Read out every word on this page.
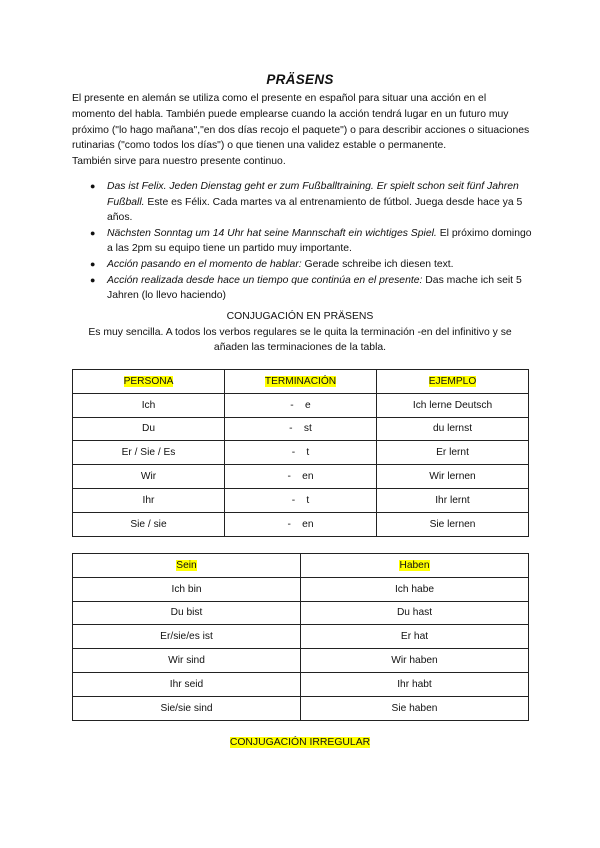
PRÄSENS

El presente en alemán se utiliza como el presente en español para situar una acción en el momento del habla. También puede emplearse cuando la acción tendrá lugar en un futuro muy próximo ("lo hago mañana","en dos días recojo el paquete") o para describir acciones o situaciones rutinarias ("como todos los días") o que tienen una validez estable o permanente.

También sirve para nuestro presente continuo.

● Das ist Felix. Jeden Dienstag geht er zum Fußballtraining. Er spielt schon seit fünf Jahren Fußball. Este es Félix. Cada martes va al entrenamiento de fútbol. Juega desde hace ya 5 años.
● Nächsten Sonntag um 14 Uhr hat seine Mannschaft ein wichtiges Spiel. El próximo domingo a las 2pm su equipo tiene un partido muy importante.
● Acción pasando en el momento de hablar: Gerade schreibe ich diesen text.
● Acción realizada desde hace un tiempo que continúa en el presente: Das mache ich seit 5 Jahren (lo llevo haciendo)
CONJUGACIÓN EN PRÄSENS
Es muy sencilla. A todos los verbos regulares se le quita la terminación -en del infinitivo y se añaden las terminaciones de la tabla.
PERSONA	TERMINACIÓN	EJEMPLO
Ich	-    e	Ich lerne Deutsch
Du	-    st	du lernst
Er / Sie / Es	-    t	Er lernt
Wir	-    en	Wir lernen
Ihr	-    t	Ihr lernt
Sie / sie	-    en	Sie lernen
Sein	Haben
Ich bin	Ich habe
Du bist	Du hast
Er/sie/es ist	Er hat
Wir sind	Wir haben
Ihr seid	Ihr habt
Sie/sie sind	Sie haben
CONJUGACIÓN IRREGULAR
